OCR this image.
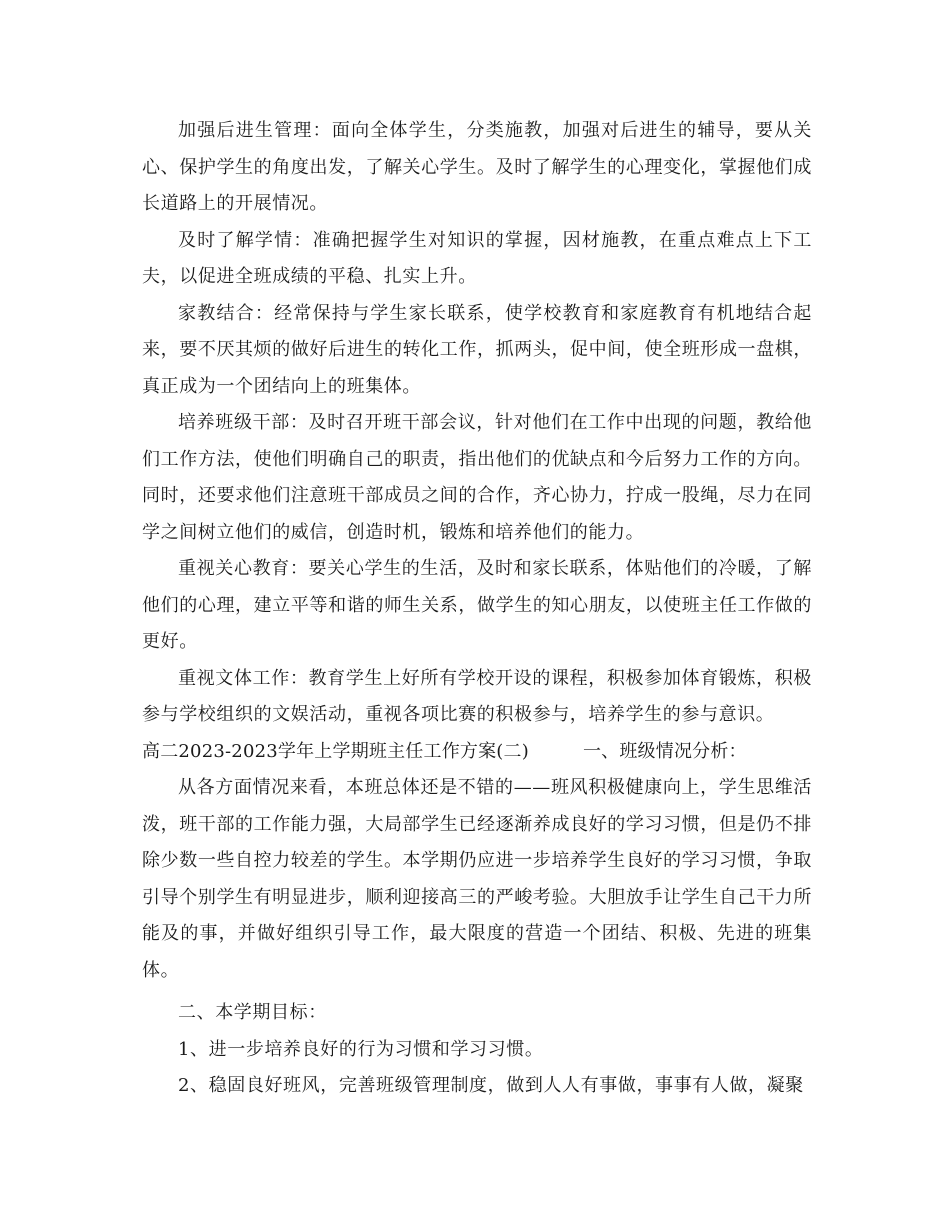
加强后进生管理：面向全体学生，分类施教，加强对后进生的辅导，要从关心、保护学生的角度出发，了解关心学生。及时了解学生的心理变化，掌握他们成长道路上的开展情况。

及时了解学情：准确把握学生对知识的掌握，因材施教，在重点难点上下工夫，以促进全班成绩的平稳、扎实上升。

家教结合：经常保持与学生家长联系，使学校教育和家庭教育有机地结合起来，要不厌其烦的做好后进生的转化工作，抓两头，促中间，使全班形成一盘棋，真正成为一个团结向上的班集体。

培养班级干部：及时召开班干部会议，针对他们在工作中出现的问题，教给他们工作方法，使他们明确自己的职责，指出他们的优缺点和今后努力工作的方向。同时，还要求他们注意班干部成员之间的合作，齐心协力，拧成一股绳，尽力在同学之间树立他们的威信，创造时机，锻炼和培养他们的能力。

重视关心教育：要关心学生的生活，及时和家长联系，体贴他们的冷暖，了解他们的心理，建立平等和谐的师生关系，做学生的知心朋友，以使班主任工作做的更好。

重视文体工作：教育学生上好所有学校开设的课程，积极参加体育锻炼，积极参与学校组织的文娱活动，重视各项比赛的积极参与，培养学生的参与意识。

高二2023-2023学年上学期班主任工作方案(二)	一、班级情况分析：

从各方面情况来看，本班总体还是不错的——班风积极健康向上，学生思维活泼，班干部的工作能力强，大局部学生已经逐渐养成良好的学习习惯，但是仍不排除少数一些自控力较差的学生。本学期仍应进一步培养学生良好的学习习惯，争取引导个别学生有明显进步，顺利迎接高三的严峻考验。大胆放手让学生自己干力所能及的事，并做好组织引导工作，最大限度的营造一个团结、积极、先进的班集体。

二、本学期目标：

1、进一步培养良好的行为习惯和学习习惯。

2、稳固良好班风，完善班级管理制度，做到人人有事做，事事有人做，凝聚
